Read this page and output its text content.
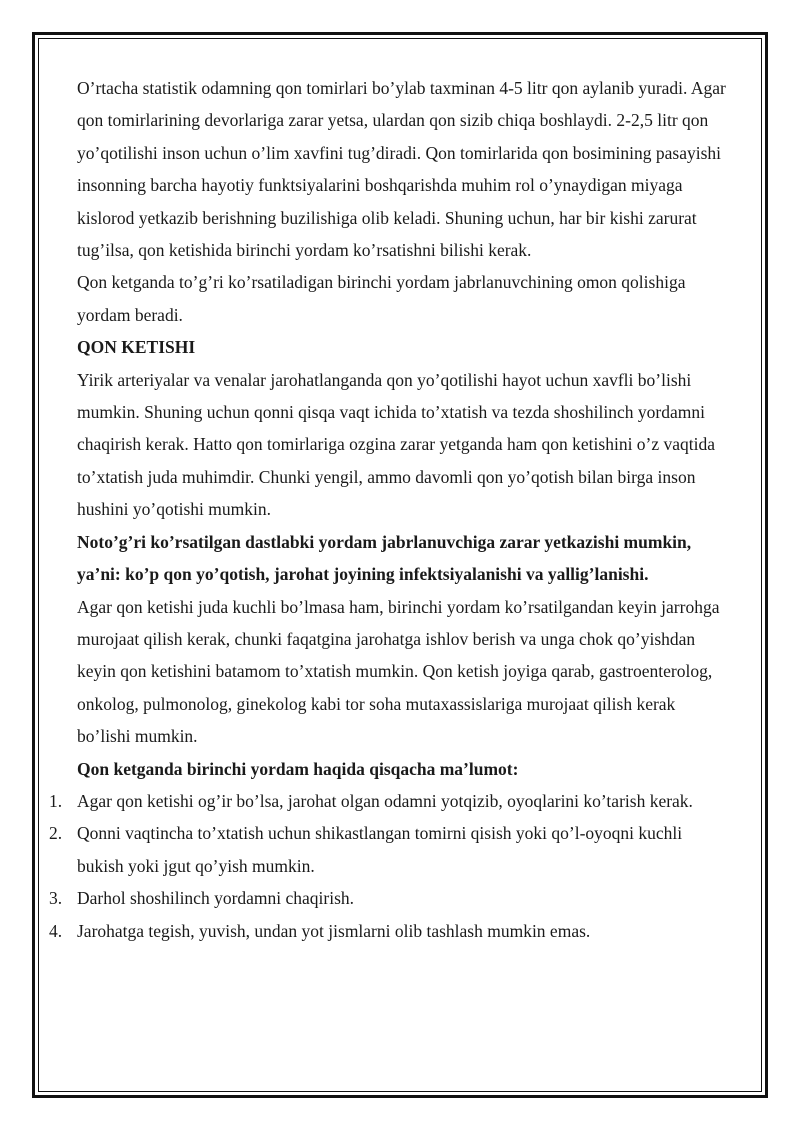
O’rtacha statistik odamning qon tomirlari bo’ylab taxminan 4-5 litr qon aylanib yuradi. Agar qon tomirlarining devorlariga zarar yetsa, ulardan qon sizib chiqa boshlaydi. 2-2,5 litr qon yo’qotilishi inson uchun o’lim xavfini tug’diradi. Qon tomirlarida qon bosimining pasayishi insonning barcha hayotiy funktsiyalarini boshqarishda muhim rol o’ynaydigan miyaga kislorod yetkazib berishning buzilishiga olib keladi. Shuning uchun, har bir kishi zarurat tug’ilsa, qon ketishida birinchi yordam ko’rsatishni bilishi kerak.

Qon ketganda to’g’ri ko’rsatiladigan birinchi yordam jabrlanuvchining omon qolishiga yordam beradi.

QON KETISHI

Yirik arteriyalar va venalar jarohatlanganda qon yo’qotilishi hayot uchun xavfli bo’lishi mumkin. Shuning uchun qonni qisqa vaqt ichida to’xtatish va tezda shoshilinch yordamni chaqirish kerak. Hatto qon tomirlariga ozgina zarar yetganda ham qon ketishini o’z vaqtida to’xtatish juda muhimdir. Chunki yengil, ammo davomli qon yo’qotish bilan birga inson hushini yo’qotishi mumkin.

Noto’g’ri ko’rsatilgan dastlabki yordam jabrlanuvchiga zarar yetkazishi mumkin, ya’ni: ko’p qon yo’qotish, jarohat joyining infektsiyalanishi va yallig’lanishi.

Agar qon ketishi juda kuchli bo’lmasa ham, birinchi yordam ko’rsatilgandan keyin jarrohga murojaat qilish kerak, chunki faqatgina jarohatga ishlov berish va unga chok qo’yishdan keyin qon ketishini batamom to’xtatish mumkin. Qon ketish joyiga qarab, gastroenterolog, onkolog, pulmonolog, ginekolog kabi tor soha mutaxassislariga murojaat qilish kerak bo’lishi mumkin.

Qon ketganda birinchi yordam haqida qisqacha ma’lumot:

1. Agar qon ketishi og’ir bo’lsa, jarohat olgan odamni yotqizib, oyoqlarini ko’tarish kerak.
2. Qonni vaqtincha to’xtatish uchun shikastlangan tomirni qisish yoki qo’l-oyoqni kuchli bukish yoki jgut qo’yish mumkin.
3. Darhol shoshilinch yordamni chaqirish.
4. Jarohatga tegish, yuvish, undan yot jismlarni olib tashlash mumkin emas.
